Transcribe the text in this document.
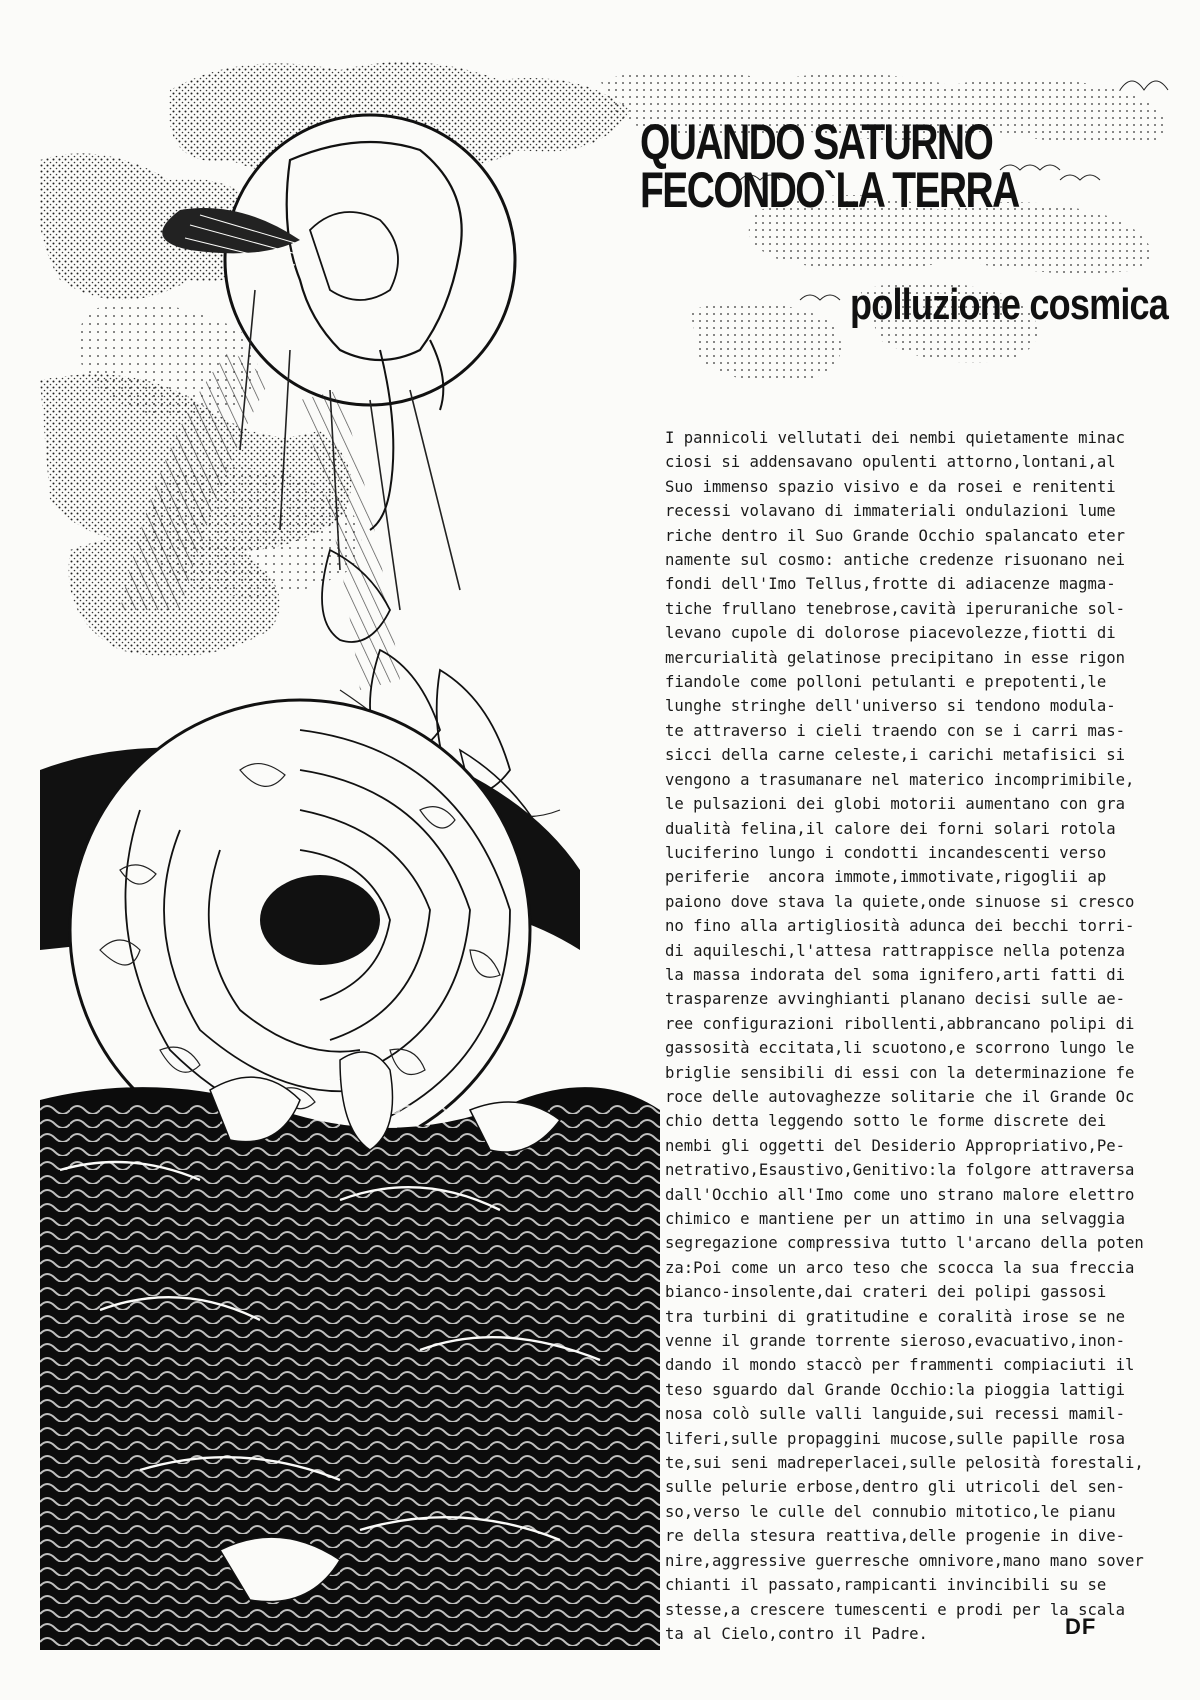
QUANDO SATURNO
FECONDO`LA TERRA
polluzione cosmica
I pannicoli vellutati dei nembi quietamente minac
ciosi si addensavano opulenti attorno,lontani,al
Suo immenso spazio visivo e da rosei e renitenti
recessi volavano di immateriali ondulazioni lume
riche dentro il Suo Grande Occhio spalancato eter
namente sul cosmo: antiche credenze risuonano nei
fondi dell'Imo Tellus,frotte di adiacenze magma-
tiche frullano tenebrose,cavità iperuraniche sol-
levano cupole di dolorose piacevolezze,fiotti di
mercurialità gelatinose precipitano in esse rigon
fiandole come polloni petulanti e prepotenti,le
lunghe stringhe dell'universo si tendono modula-
te attraverso i cieli traendo con se i carri mas-
sicci della carne celeste,i carichi metafisici si
vengono a trasumanare nel materico incomprimibile,
le pulsazioni dei globi motorii aumentano con gra
dualità felina,il calore dei forni solari rotola
luciferino lungo i condotti incandescenti verso
periferie  ancora immote,immotivate,rigoglii ap
paiono dove stava la quiete,onde sinuose si cresco
no fino alla artigliosità adunca dei becchi torri-
di aquileschi,l'attesa rattrappisce nella potenza
la massa indorata del soma ignifero,arti fatti di
trasparenze avvinghianti planano decisi sulle ae-
ree configurazioni ribollenti,abbrancano polipi di
gassosità eccitata,li scuotono,e scorrono lungo le
briglie sensibili di essi con la determinazione fe
roce delle autovaghezze solitarie che il Grande Oc
chio detta leggendo sotto le forme discrete dei
nembi gli oggetti del Desiderio Appropriativo,Pe-
netrativo,Esaustivo,Genitivo:la folgore attraversa
dall'Occhio all'Imo come uno strano malore elettro
chimico e mantiene per un attimo in una selvaggia
segregazione compressiva tutto l'arcano della poten
za:Poi come un arco teso che scocca la sua freccia
bianco-insolente,dai crateri dei polipi gassosi
tra turbini di gratitudine e coralità irose se ne
venne il grande torrente sieroso,evacuativo,inon-
dando il mondo staccò per frammenti compiaciuti il
teso sguardo dal Grande Occhio:la pioggia lattigi
nosa colò sulle valli languide,sui recessi mamil-
liferi,sulle propaggini mucose,sulle papille rosa
te,sui seni madreperlacei,sulle pelosità forestali,
sulle pelurie erbose,dentro gli utricoli del sen-
so,verso le culle del connubio mitotico,le pianu
re della stesura reattiva,delle progenie in dive-
nire,aggressive guerresche omnivore,mano mano sover
chianti il passato,rampicanti invincibili su se
stesse,a crescere tumescenti e prodi per la scala
ta al Cielo,contro il Padre.	DF
